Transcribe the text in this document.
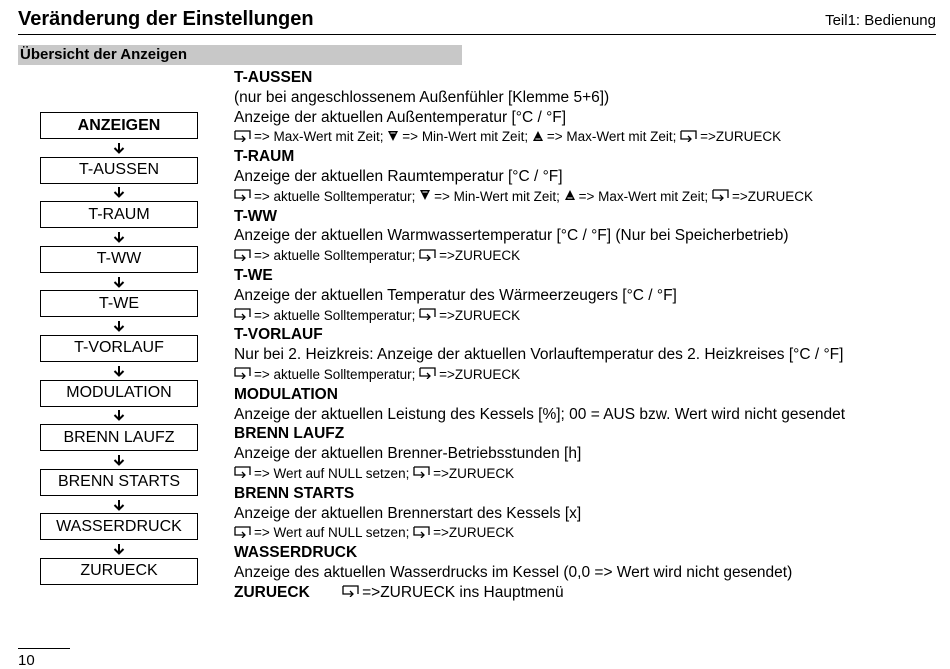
Veränderung der Einstellungen	Teil1: Bedienung
Übersicht der Anzeigen
ANZEIGEN
T-AUSSEN
T-RAUM
T-WW
T-WE
T-VORLAUF
MODULATION
BRENN LAUFZ
BRENN STARTS
WASSERDRUCK
ZURUECK
T-AUSSEN
(nur bei angeschlossenem Außenfühler [Klemme 5+6])
Anzeige der aktuellen Außentemperatur [°C / °F]
=> Max-Wert mit Zeit; => Min-Wert mit Zeit; => Max-Wert mit Zeit; =>ZURUECK
T-RAUM
Anzeige der aktuellen Raumtemperatur [°C / °F]
=> aktuelle Solltemperatur; => Min-Wert mit Zeit; => Max-Wert mit Zeit; =>ZURUECK
T-WW
Anzeige der aktuellen Warmwassertemperatur [°C / °F] (Nur bei Speicherbetrieb)
=> aktuelle Solltemperatur; =>ZURUECK
T-WE
Anzeige der aktuellen Temperatur des Wärmeerzeugers [°C / °F]
=> aktuelle Solltemperatur; =>ZURUECK
T-VORLAUF
Nur bei 2. Heizkreis: Anzeige der aktuellen Vorlauftemperatur des 2. Heizkreises [°C / °F]
=> aktuelle Solltemperatur; =>ZURUECK
MODULATION
Anzeige der aktuellen Leistung des Kessels [%]; 00 = AUS bzw. Wert wird nicht gesendet
BRENN LAUFZ
Anzeige der aktuellen Brenner-Betriebsstunden [h]
=> Wert auf NULL setzen; =>ZURUECK
BRENN STARTS
Anzeige der aktuellen Brennerstart des Kessels [x]
=> Wert auf NULL setzen; =>ZURUECK
WASSERDRUCK
Anzeige des aktuellen Wasserdrucks im Kessel (0,0 => Wert wird nicht gesendet)
ZURUECK	=>ZURUECK ins Hauptmenü
10
